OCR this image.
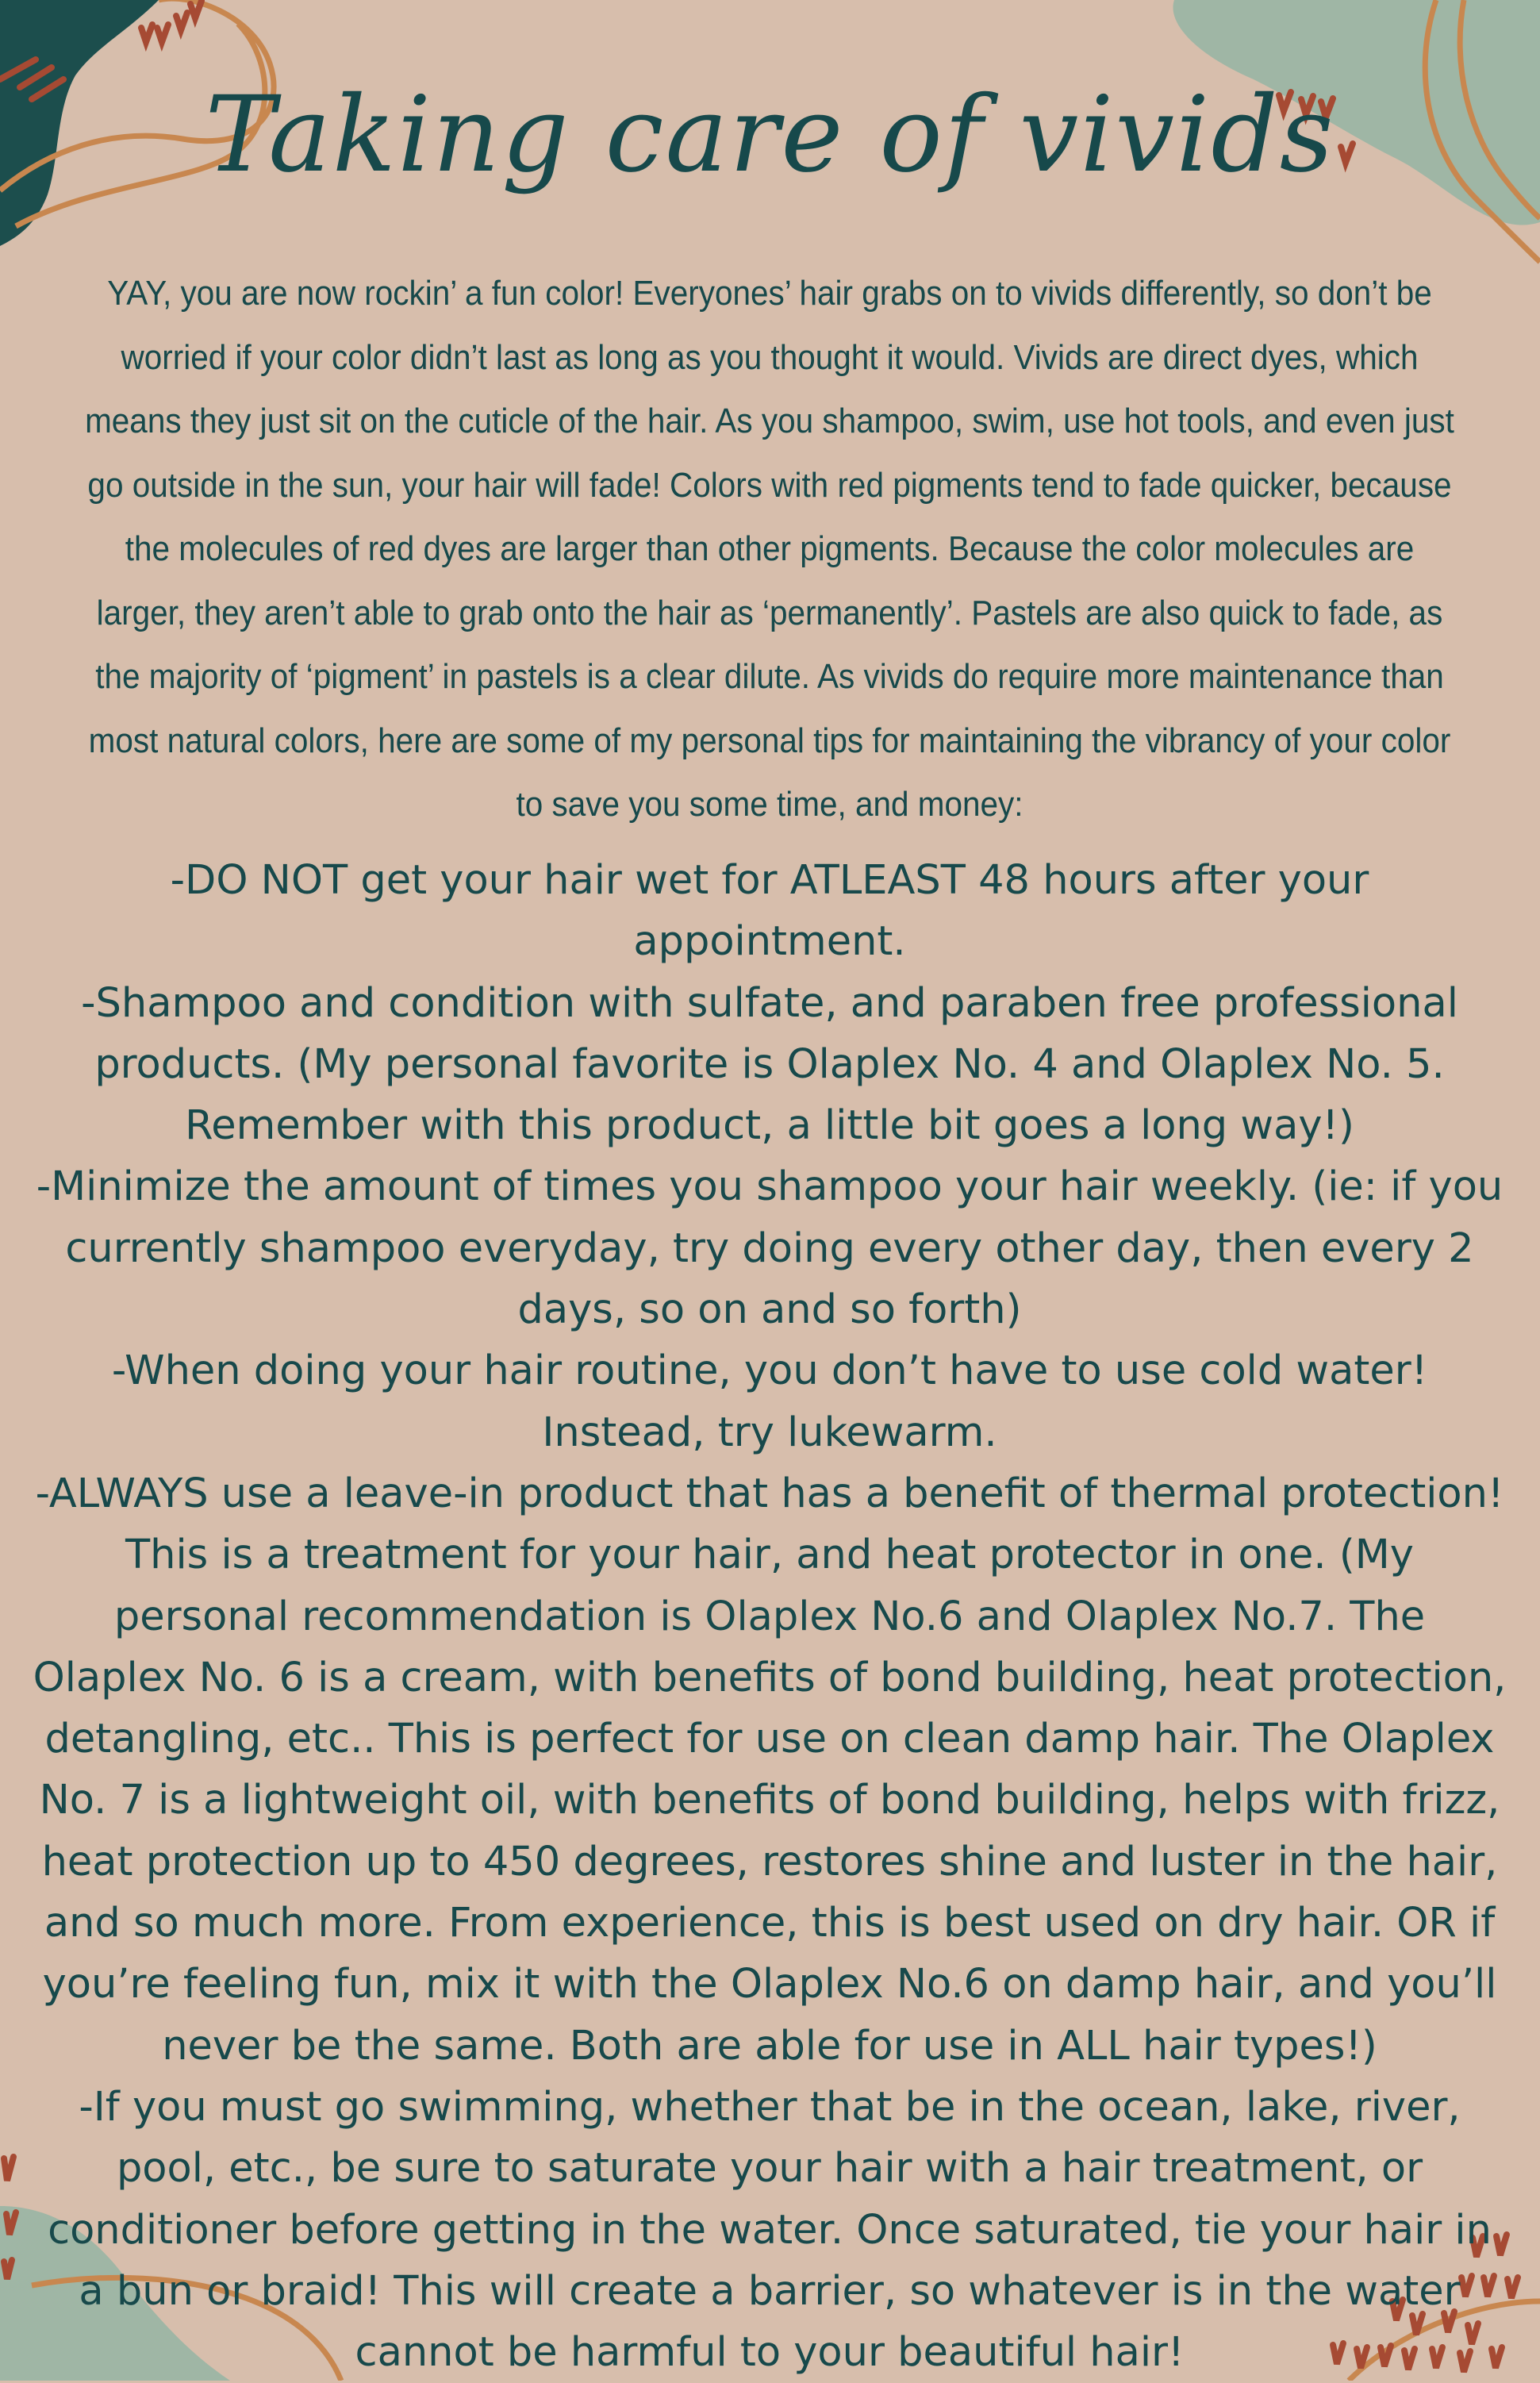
Taking care of vivids

YAY, you are now rockin’ a fun color! Everyones’ hair grabs on to vivids differently, so don’t be worried if your color didn’t last as long as you thought it would. Vivids are direct dyes, which means they just sit on the cuticle of the hair. As you shampoo, swim, use hot tools, and even just go outside in the sun, your hair will fade! Colors with red pigments tend to fade quicker, because the molecules of red dyes are larger than other pigments. Because the color molecules are larger, they aren’t able to grab onto the hair as ‘permanently’. Pastels are also quick to fade, as the majority of ‘pigment’ in pastels is a clear dilute. As vivids do require more maintenance than most natural colors, here are some of my personal tips for maintaining the vibrancy of your color to save you some time, and money:

-DO NOT get your hair wet for ATLEAST 48 hours after your appointment.
-Shampoo and condition with sulfate, and paraben free professional products. (My personal favorite is Olaplex No. 4 and Olaplex No. 5. Remember with this product, a little bit goes a long way!)
-Minimize the amount of times you shampoo your hair weekly. (ie: if you currently shampoo everyday, try doing every other day, then every 2 days, so on and so forth)
-When doing your hair routine, you don’t have to use cold water! Instead, try lukewarm.
-ALWAYS use a leave-in product that has a benefit of thermal protection! This is a treatment for your hair, and heat protector in one. (My personal recommendation is Olaplex No.6 and Olaplex No.7. The Olaplex No. 6 is a cream, with benefits of bond building, heat protection, detangling, etc.. This is perfect for use on clean damp hair. The Olaplex No. 7 is a lightweight oil, with benefits of bond building, helps with frizz, heat protection up to 450 degrees, restores shine and luster in the hair, and so much more. From experience, this is best used on dry hair. OR if you’re feeling fun, mix it with the Olaplex No.6 on damp hair, and you’ll never be the same. Both are able for use in ALL hair types!)
-If you must go swimming, whether that be in the ocean, lake, river, pool, etc., be sure to saturate your hair with a hair treatment, or conditioner before getting in the water. Once saturated, tie your hair in a bun or braid! This will create a barrier, so whatever is in the water cannot be harmful to your beautiful hair!
